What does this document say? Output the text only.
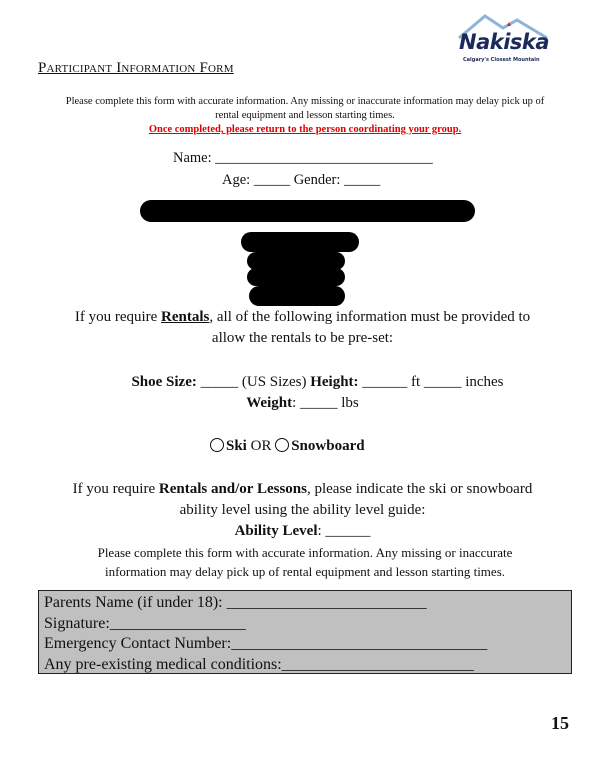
Nakiska
Calgary's Closest Mountain
Participant Information Form
Please complete this form with accurate information. Any missing or inaccurate information may delay pick up of
rental equipment and lesson starting times.
Once completed, please return to the person coordinating your group.
Name: ______________________________
Age: _____ Gender: _____
If you require Rentals, all of the following information must be provided to
allow the rentals to be pre-set:
Shoe Size: _____ (US Sizes) Height: ______ ft _____ inches
Weight: _____ lbs
Ski OR Snowboard
If you require Rentals and/or Lessons, please indicate the ski or snowboard
ability level using the ability level guide:
Ability Level: ______
Please complete this form with accurate information. Any missing or inaccurate
information may delay pick up of rental equipment and lesson starting times.
Parents Name (if under 18): _________________________
Signature:_________________
Emergency Contact Number:________________________________
Any pre-existing medical conditions:________________________
15
